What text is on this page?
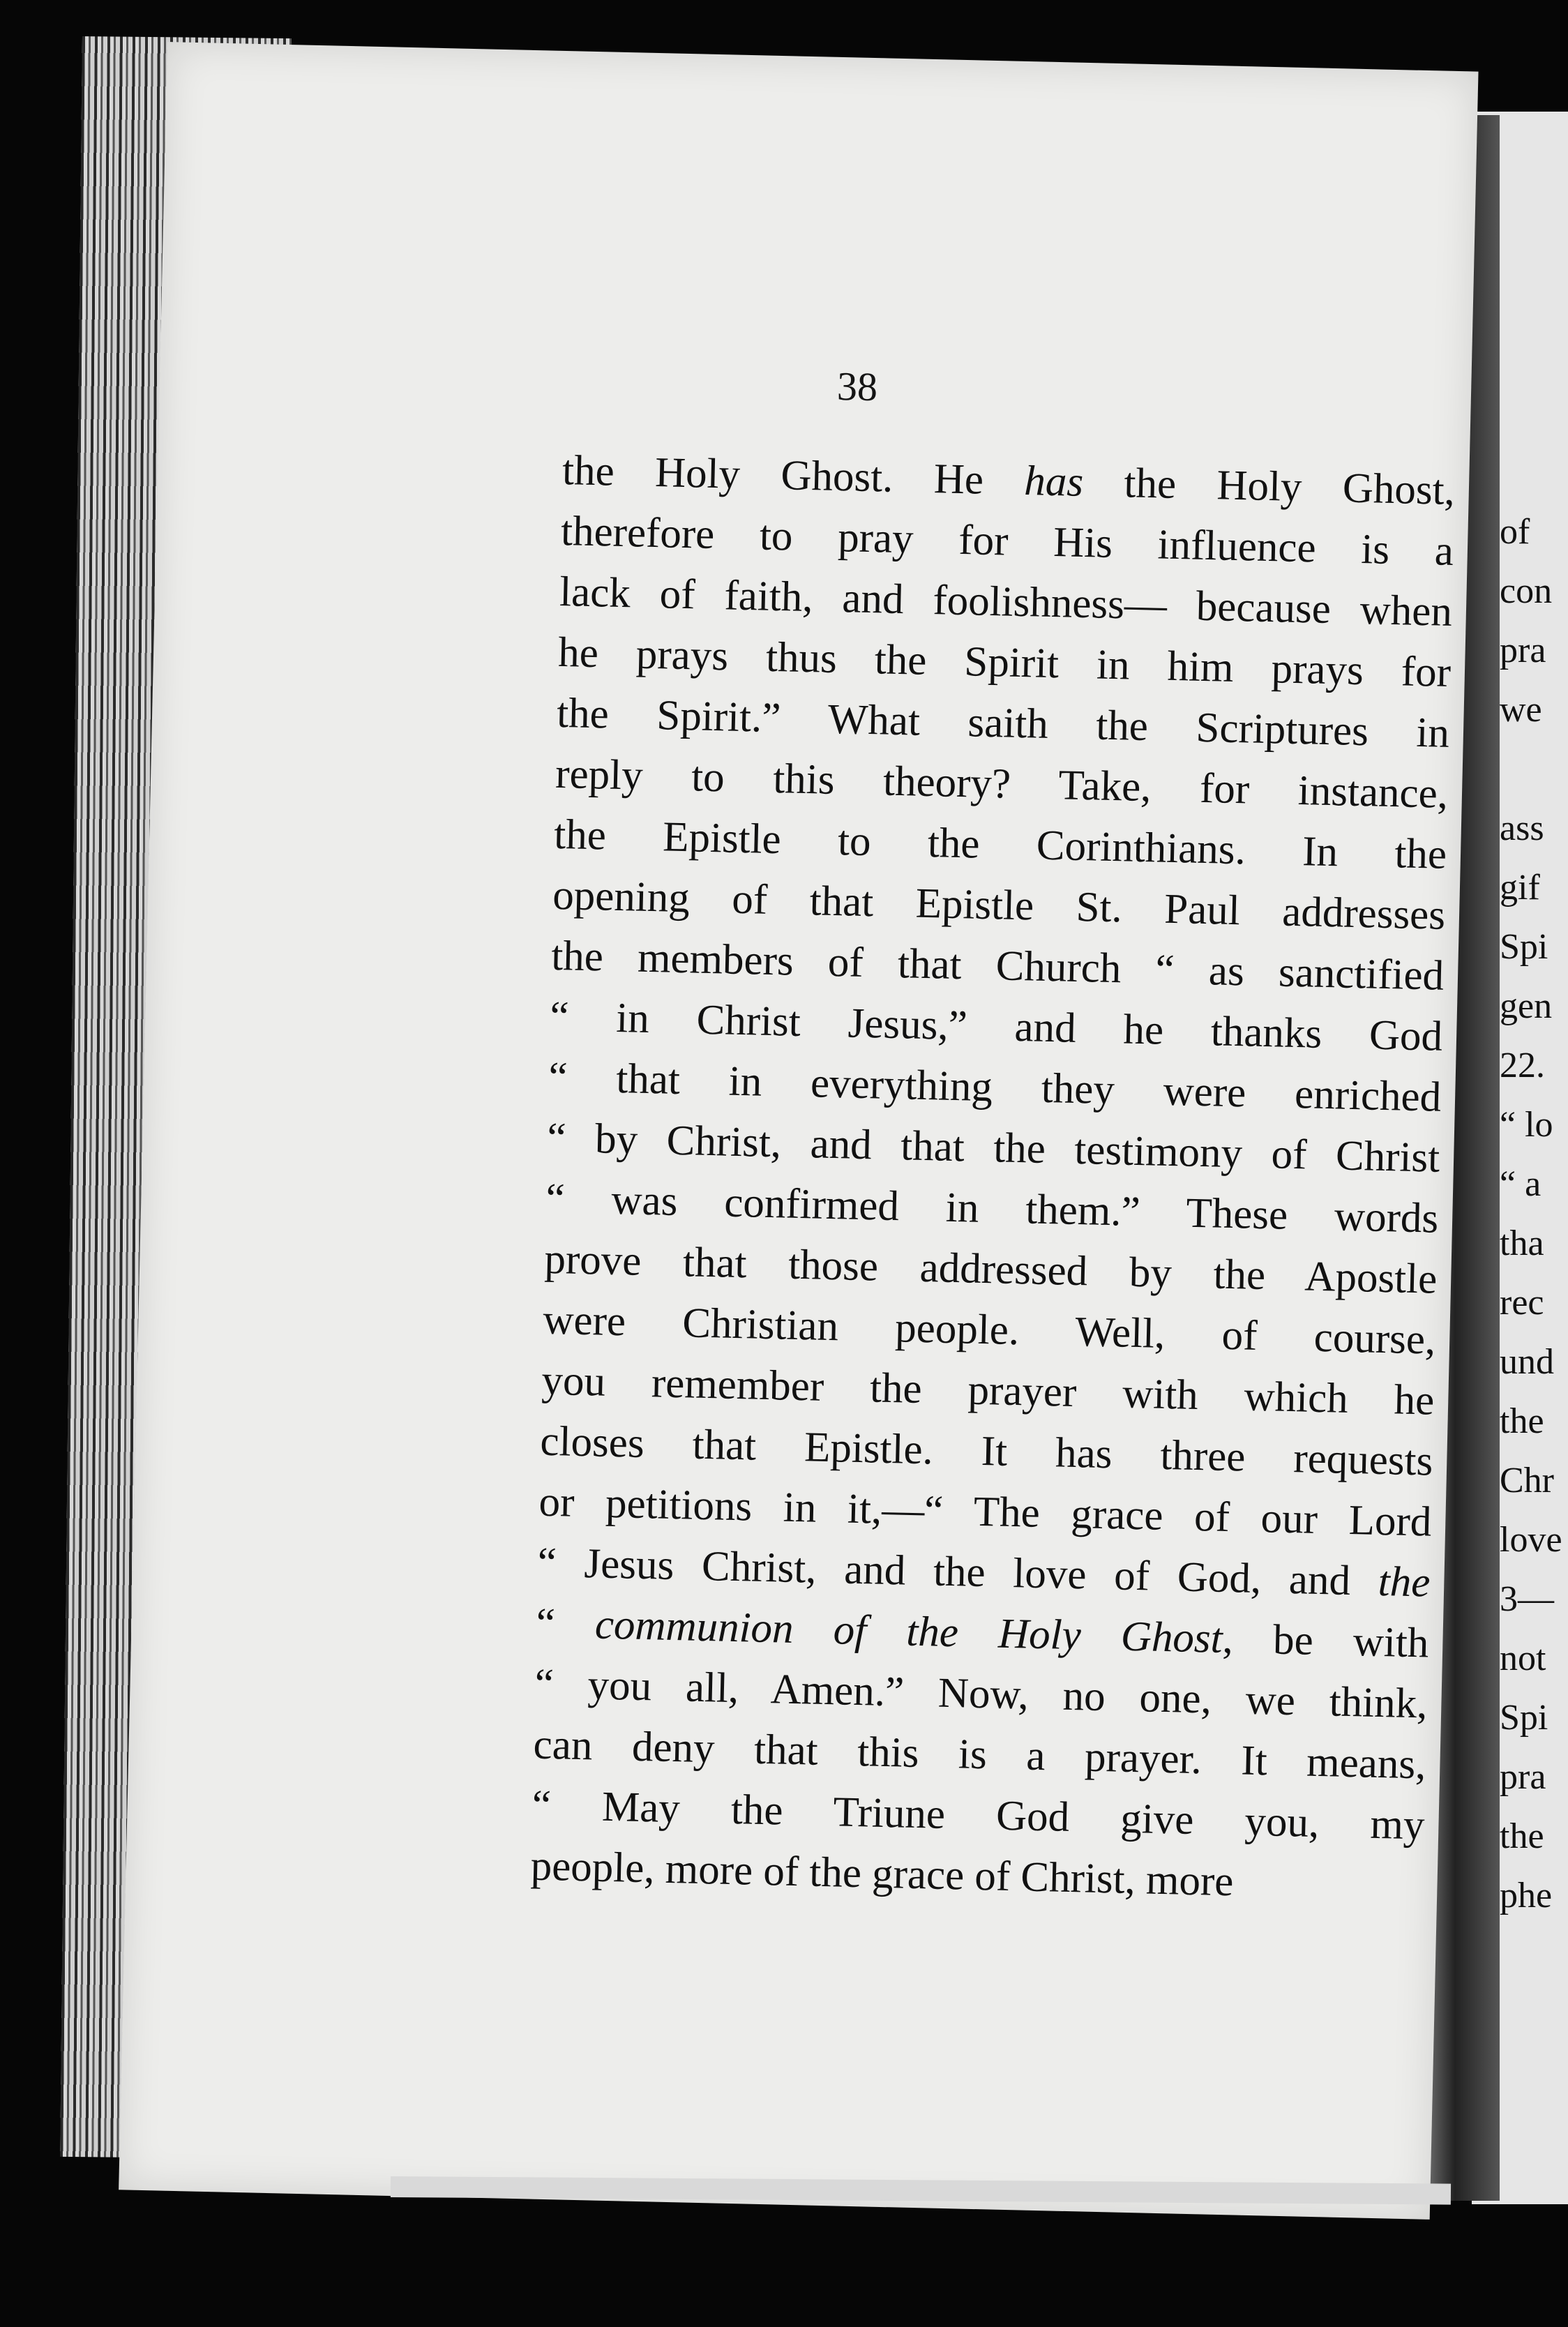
of
con
pra
we
ass
gif
Spi
gen
22.
“ lo
“ a
tha
rec
und
the
Chr
love
3—
not
Spi
pra
the
phe
38
the Holy Ghost. He has the Holy Ghost,
therefore to pray for His influence is a
lack of faith, and foolishness— because when
he prays thus the Spirit in him prays for
the Spirit.” What saith the Scriptures in
reply to this theory? Take, for instance,
the Epistle to the Corinthians. In the
opening of that Epistle St. Paul addresses
the members of that Church “ as sanctified
“ in Christ Jesus,” and he thanks God
“ that in everything they were enriched
“ by Christ, and that the testimony of Christ
“ was confirmed in them.” These words
prove that those addressed by the Apostle
were Christian people. Well, of course,
you remember the prayer with which he
closes that Epistle. It has three requests
or petitions in it,—“ The grace of our Lord
“ Jesus Christ, and the love of God, and the
“ communion of the Holy Ghost, be with
“ you all, Amen.” Now, no one, we think,
can deny that this is a prayer. It means,
“ May the Triune God give you, my
people, more of the grace of Christ, more
